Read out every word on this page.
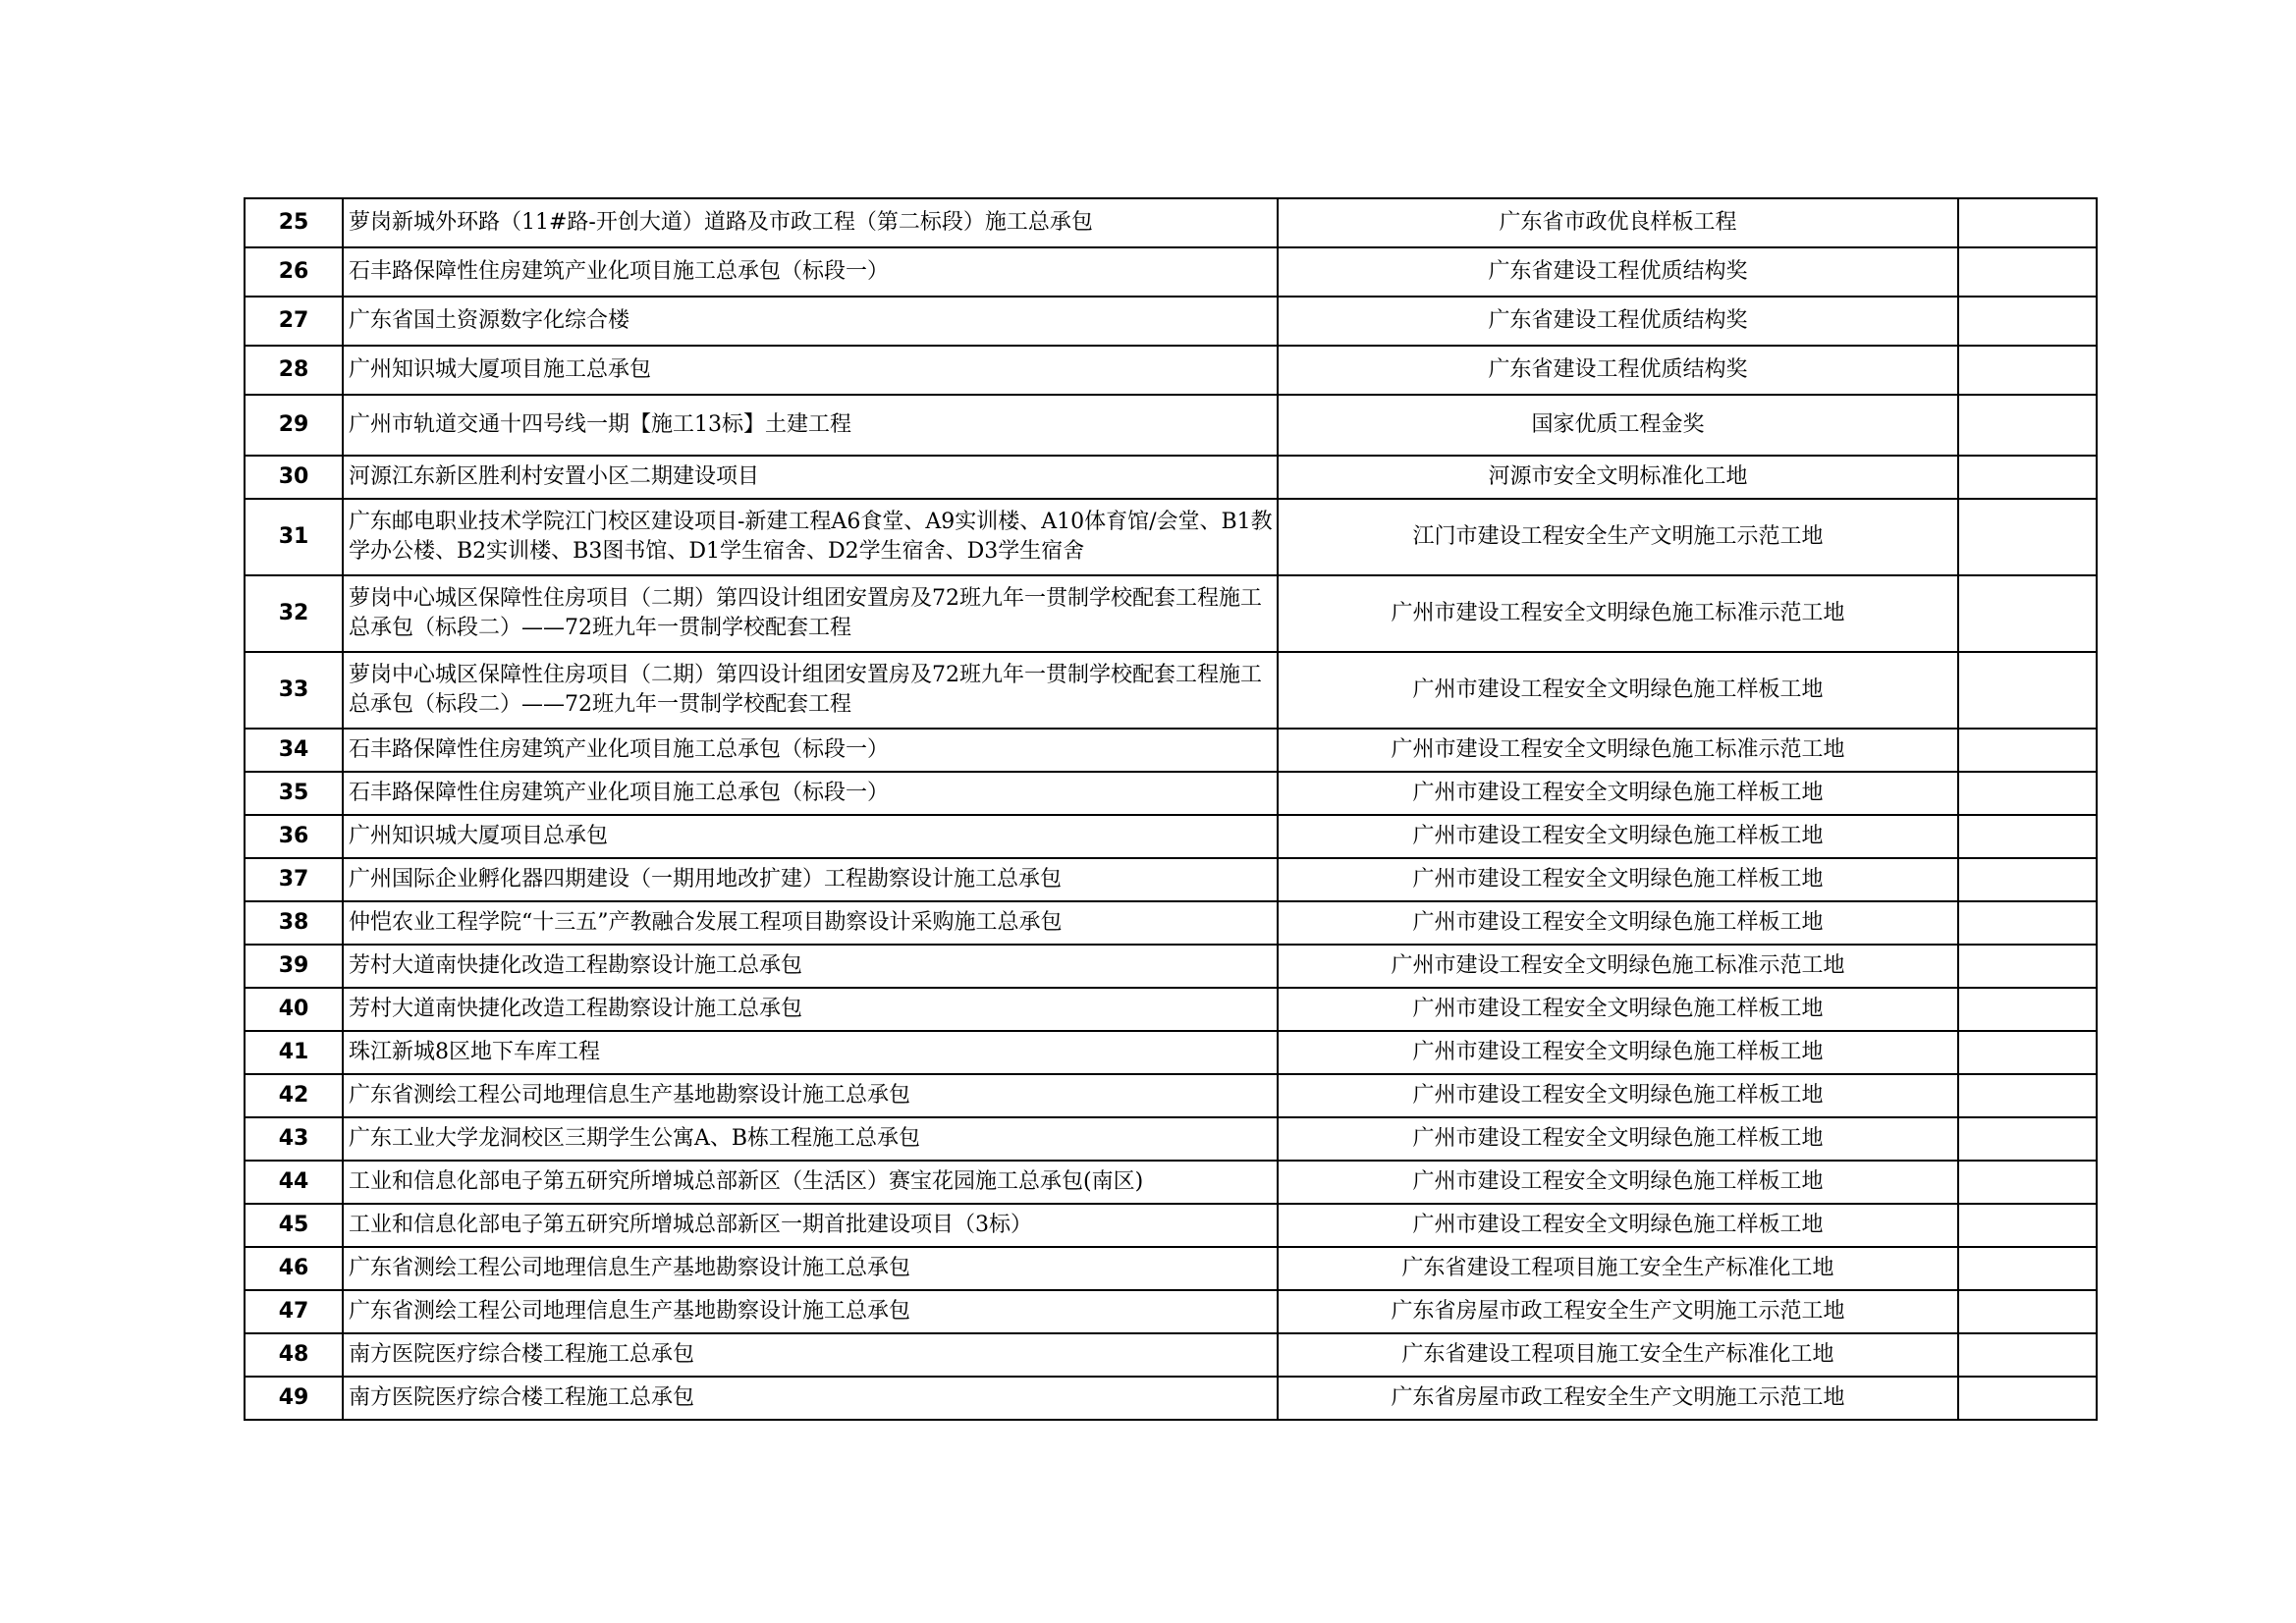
25	萝岗新城外环路（11#路-开创大道）道路及市政工程（第二标段）施工总承包	广东省市政优良样板工程	
26	石丰路保障性住房建筑产业化项目施工总承包（标段一）	广东省建设工程优质结构奖	
27	广东省国土资源数字化综合楼	广东省建设工程优质结构奖	
28	广州知识城大厦项目施工总承包	广东省建设工程优质结构奖	
29	广州市轨道交通十四号线一期【施工13标】土建工程	国家优质工程金奖	
30	河源江东新区胜利村安置小区二期建设项目	河源市安全文明标准化工地	
31	广东邮电职业技术学院江门校区建设项目-新建工程A6食堂、A9实训楼、A10体育馆/会堂、B1教学办公楼、B2实训楼、B3图书馆、D1学生宿舍、D2学生宿舍、D3学生宿舍	江门市建设工程安全生产文明施工示范工地	
32	萝岗中心城区保障性住房项目（二期）第四设计组团安置房及72班九年一贯制学校配套工程施工总承包（标段二）——72班九年一贯制学校配套工程	广州市建设工程安全文明绿色施工标准示范工地	
33	萝岗中心城区保障性住房项目（二期）第四设计组团安置房及72班九年一贯制学校配套工程施工总承包（标段二）——72班九年一贯制学校配套工程	广州市建设工程安全文明绿色施工样板工地	
34	石丰路保障性住房建筑产业化项目施工总承包（标段一）	广州市建设工程安全文明绿色施工标准示范工地	
35	石丰路保障性住房建筑产业化项目施工总承包（标段一）	广州市建设工程安全文明绿色施工样板工地	
36	广州知识城大厦项目总承包	广州市建设工程安全文明绿色施工样板工地	
37	广州国际企业孵化器四期建设（一期用地改扩建）工程勘察设计施工总承包	广州市建设工程安全文明绿色施工样板工地	
38	仲恺农业工程学院“十三五”产教融合发展工程项目勘察设计采购施工总承包	广州市建设工程安全文明绿色施工样板工地	
39	芳村大道南快捷化改造工程勘察设计施工总承包	广州市建设工程安全文明绿色施工标准示范工地	
40	芳村大道南快捷化改造工程勘察设计施工总承包	广州市建设工程安全文明绿色施工样板工地	
41	珠江新城8区地下车库工程	广州市建设工程安全文明绿色施工样板工地	
42	广东省测绘工程公司地理信息生产基地勘察设计施工总承包	广州市建设工程安全文明绿色施工样板工地	
43	广东工业大学龙洞校区三期学生公寓A、B栋工程施工总承包	广州市建设工程安全文明绿色施工样板工地	
44	工业和信息化部电子第五研究所增城总部新区（生活区）赛宝花园施工总承包(南区)	广州市建设工程安全文明绿色施工样板工地	
45	工业和信息化部电子第五研究所增城总部新区一期首批建设项目（3标）	广州市建设工程安全文明绿色施工样板工地	
46	广东省测绘工程公司地理信息生产基地勘察设计施工总承包	广东省建设工程项目施工安全生产标准化工地	
47	广东省测绘工程公司地理信息生产基地勘察设计施工总承包	广东省房屋市政工程安全生产文明施工示范工地	
48	南方医院医疗综合楼工程施工总承包	广东省建设工程项目施工安全生产标准化工地	
49	南方医院医疗综合楼工程施工总承包	广东省房屋市政工程安全生产文明施工示范工地	
